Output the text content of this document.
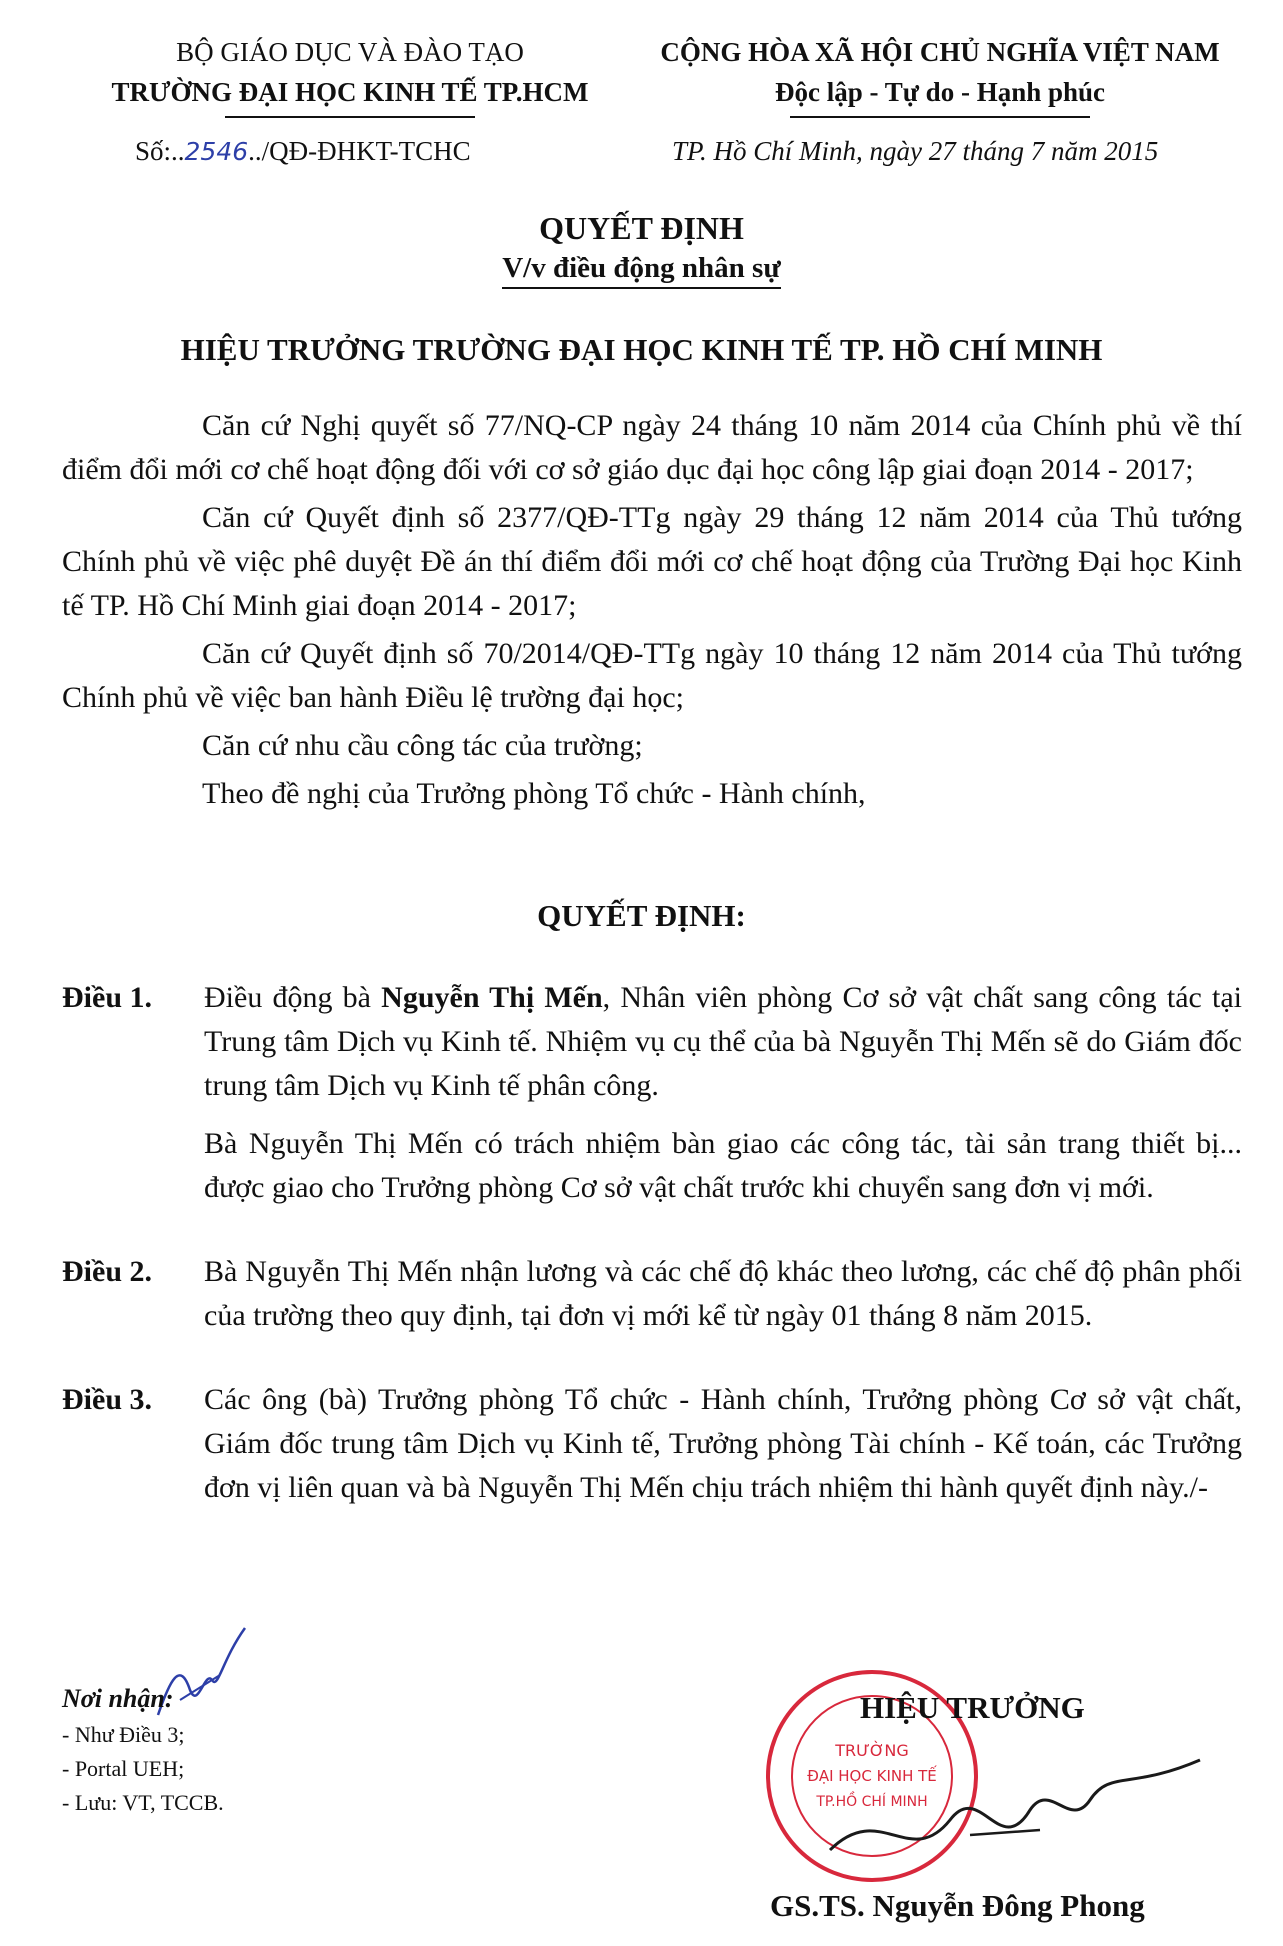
BỘ GIÁO DỤC VÀ ĐÀO TẠO
TRƯỜNG ĐẠI HỌC KINH TẾ TP.HCM
CỘNG HÒA XÃ HỘI CHỦ NGHĨA VIỆT NAM
Độc lập - Tự do - Hạnh phúc
Số:..2546../QĐ-ĐHKT-TCHC	TP. Hồ Chí Minh, ngày 27 tháng 7 năm 2015
QUYẾT ĐỊNH
V/v điều động nhân sự
HIỆU TRƯỞNG TRƯỜNG ĐẠI HỌC KINH TẾ TP. HỒ CHÍ MINH

Căn cứ Nghị quyết số 77/NQ-CP ngày 24 tháng 10 năm 2014 của Chính phủ về thí điểm đổi mới cơ chế hoạt động đối với cơ sở giáo dục đại học công lập giai đoạn 2014 - 2017;

Căn cứ Quyết định số 2377/QĐ-TTg ngày 29 tháng 12 năm 2014 của Thủ tướng Chính phủ về việc phê duyệt Đề án thí điểm đổi mới cơ chế hoạt động của Trường Đại học Kinh tế TP. Hồ Chí Minh giai đoạn 2014 - 2017;

Căn cứ Quyết định số 70/2014/QĐ-TTg ngày 10 tháng 12 năm 2014 của Thủ tướng Chính phủ về việc ban hành Điều lệ trường đại học;

Căn cứ nhu cầu công tác của trường;

Theo đề nghị của Trưởng phòng Tổ chức - Hành chính,

QUYẾT ĐỊNH:
Điều 1.	Điều động bà Nguyễn Thị Mến, Nhân viên phòng Cơ sở vật chất sang công tác tại Trung tâm Dịch vụ Kinh tế. Nhiệm vụ cụ thể của bà Nguyễn Thị Mến sẽ do Giám đốc trung tâm Dịch vụ Kinh tế phân công.

Bà Nguyễn Thị Mến có trách nhiệm bàn giao các công tác, tài sản trang thiết bị... được giao cho Trưởng phòng Cơ sở vật chất trước khi chuyển sang đơn vị mới.

Điều 2.	Bà Nguyễn Thị Mến nhận lương và các chế độ khác theo lương, các chế độ phân phối của trường theo quy định, tại đơn vị mới kể từ ngày 01 tháng 8 năm 2015.

Điều 3.	Các ông (bà) Trưởng phòng Tổ chức - Hành chính, Trưởng phòng Cơ sở vật chất, Giám đốc trung tâm Dịch vụ Kinh tế, Trưởng phòng Tài chính - Kế toán, các Trưởng đơn vị liên quan và bà Nguyễn Thị Mến chịu trách nhiệm thi hành quyết định này./-

Nơi nhận:
- Như Điều 3;
- Portal UEH;
- Lưu: VT, TCCB.
TRƯỜNG
ĐẠI HỌC KINH TẾ
TP.HỒ CHÍ MINH
HIỆU TRƯỞNG
GS.TS. Nguyễn Đông Phong
